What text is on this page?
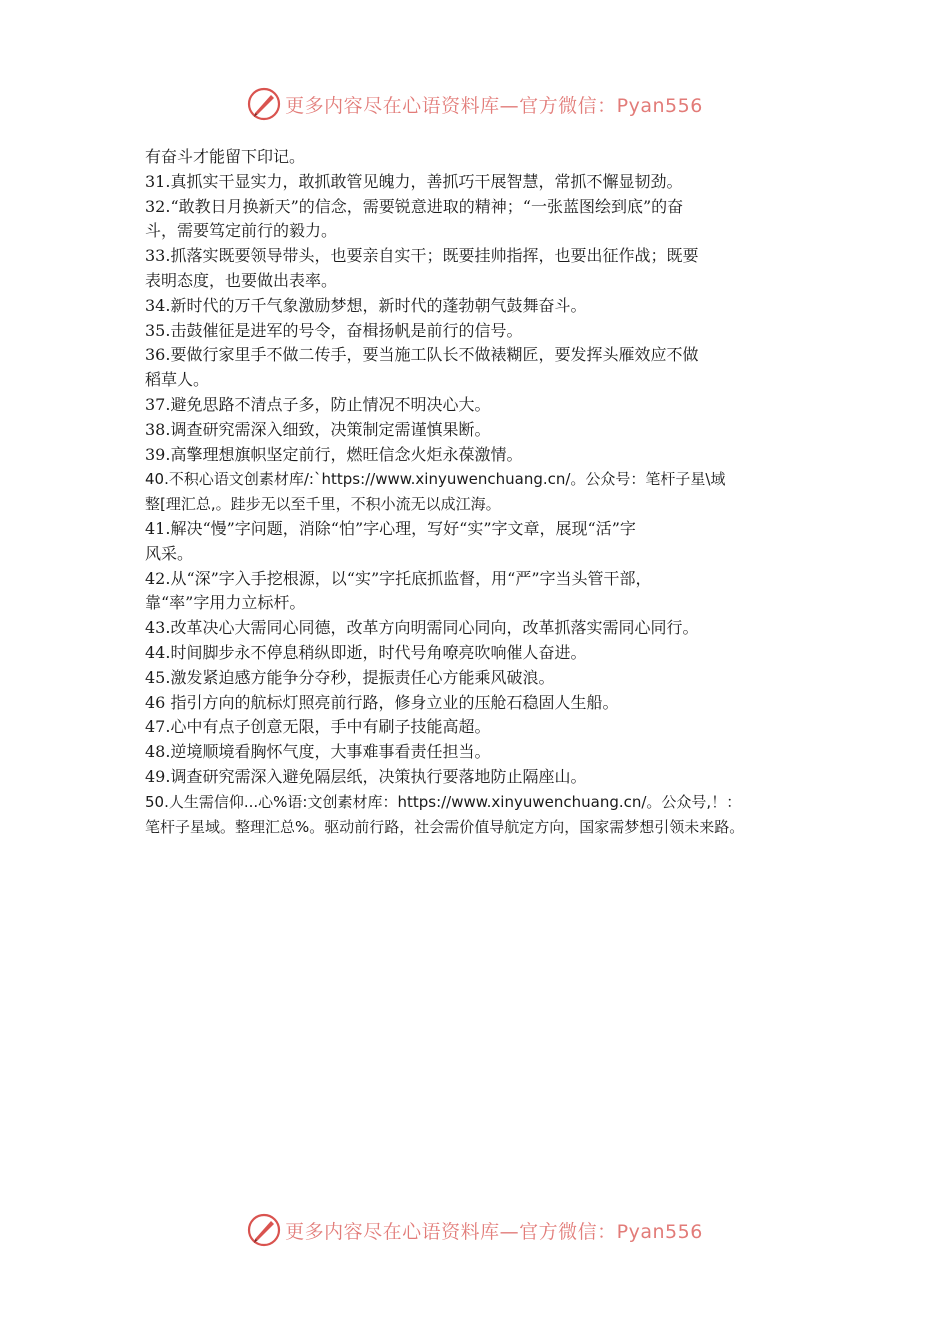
更多内容尽在心语资料库—官方微信：Pyan556
有奋斗才能留下印记。
31.真抓实干显实力，敢抓敢管见魄力，善抓巧干展智慧，常抓不懈显韧劲。
32.“敢教日月换新天”的信念，需要锐意进取的精神；“一张蓝图绘到底”的奋
斗，需要笃定前行的毅力。
33.抓落实既要领导带头，也要亲自实干；既要挂帅指挥，也要出征作战；既要
表明态度，也要做出表率。
34.新时代的万千气象激励梦想，新时代的蓬勃朝气鼓舞奋斗。
35.击鼓催征是进军的号令，奋楫扬帆是前行的信号。
36.要做行家里手不做二传手，要当施工队长不做裱糊匠，要发挥头雁效应不做
稻草人。
37.避免思路不清点子多，防止情况不明决心大。
38.调查研究需深入细致，决策制定需谨慎果断。
39.高擎理想旗帜坚定前行，燃旺信念火炬永葆激情。
40.不积心语文创素材库/:`https://www.xinyuwenchuang.cn/。公众号：笔杆子星\域
整[理汇总,。跬步无以至千里，不积小流无以成江海。
41.解决“慢”字问题，消除“怕”字心理，写好“实”字文章，展现“活”字
风采。
42.从“深”字入手挖根源，以“实”字托底抓监督，用“严”字当头管干部，
靠“率”字用力立标杆。
43.改革决心大需同心同德，改革方向明需同心同向，改革抓落实需同心同行。
44.时间脚步永不停息稍纵即逝，时代号角嘹亮吹响催人奋进。
45.激发紧迫感方能争分夺秒，提振责任心方能乘风破浪。
46 指引方向的航标灯照亮前行路，修身立业的压舱石稳固人生船。
47.心中有点子创意无限，手中有刷子技能高超。
48.逆境顺境看胸怀气度，大事难事看责任担当。
49.调查研究需深入避免隔层纸，决策执行要落地防止隔座山。
50.人生需信仰...心%语:文创素材库：https://www.xinyuwenchuang.cn/。公众号,！：
笔杆子星域。整理汇总%。驱动前行路，社会需价值导航定方向，国家需梦想引领未来路。
更多内容尽在心语资料库—官方微信：Pyan556
